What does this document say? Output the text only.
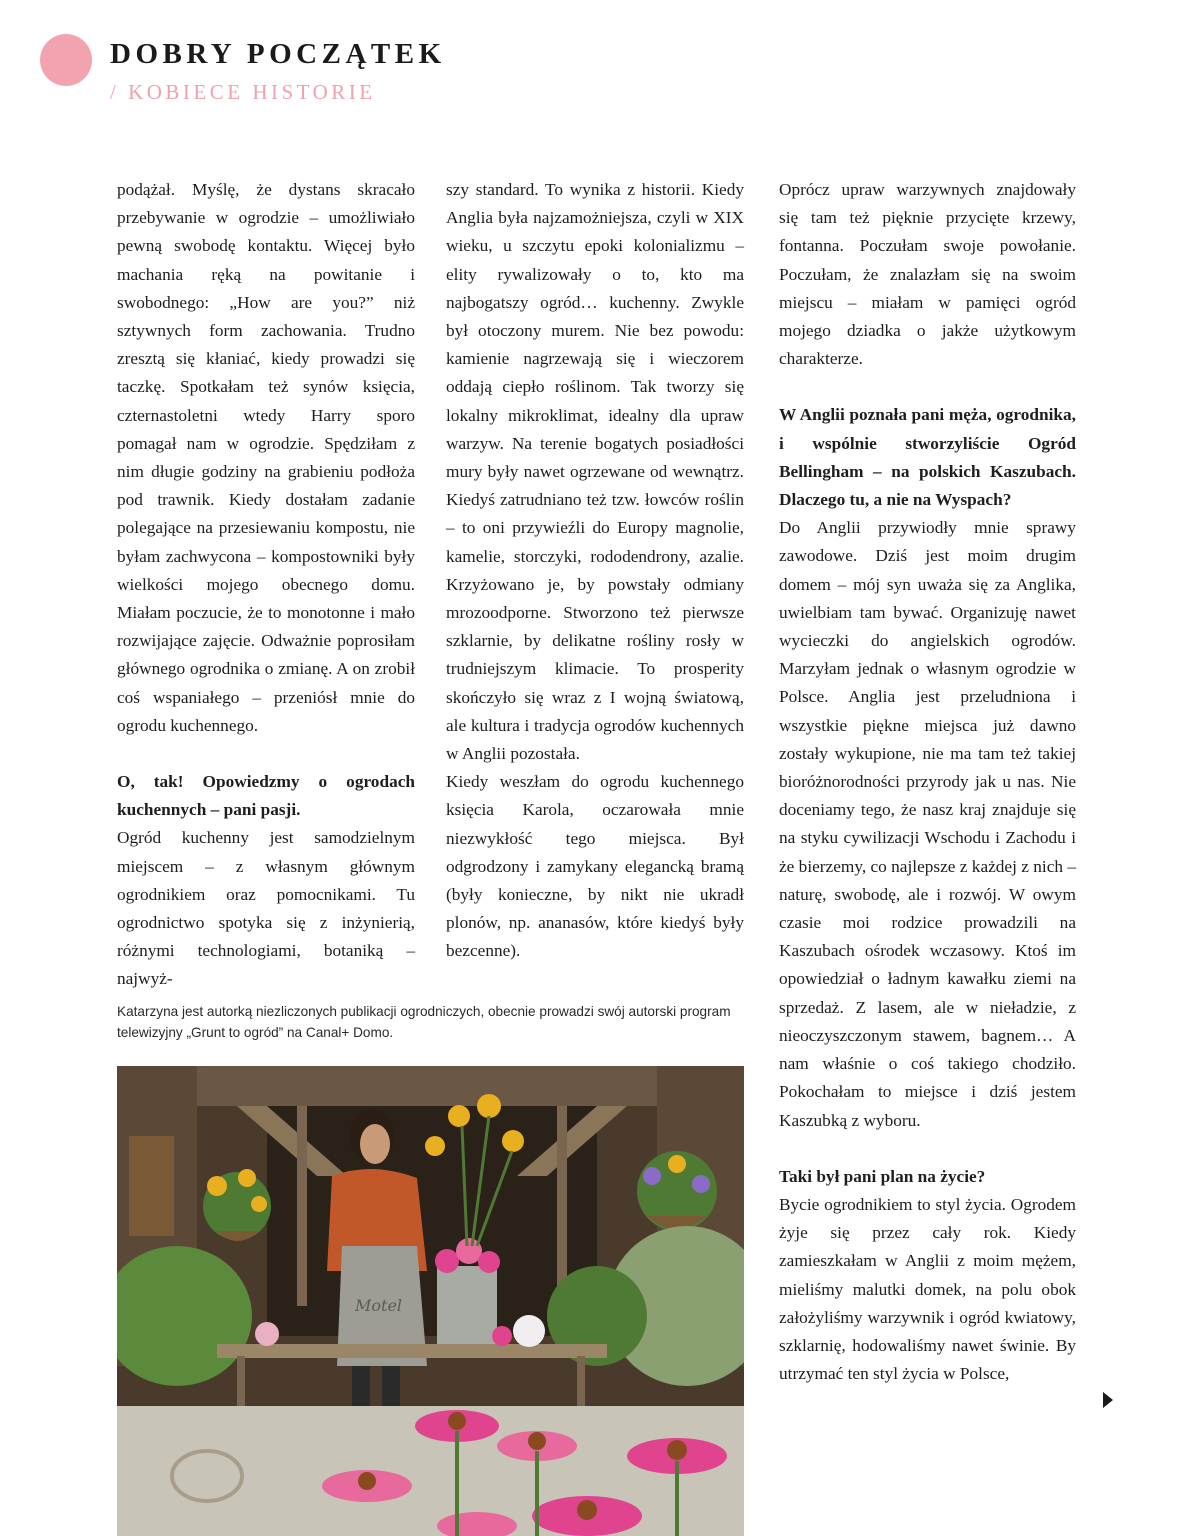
DOBRY POCZĄTEK
/ KOBIECE HISTORIE

podążał. Myślę, że dystans skracało przebywanie w ogrodzie – umożliwiało pewną swobodę kontaktu. Więcej było machania ręką na powitanie i swobodnego: „How are you?” niż sztywnych form zachowania. Trudno zresztą się kłaniać, kiedy prowadzi się taczkę. Spotkałam też synów księcia, czternastoletni wtedy Harry sporo pomagał nam w ogrodzie. Spędziłam z nim długie godziny na grabieniu podłoża pod trawnik. Kiedy dostałam zadanie polegające na przesiewaniu kompostu, nie byłam zachwycona – kompostowniki były wielkości mojego obecnego domu. Miałam poczucie, że to monotonne i mało rozwijające zajęcie. Odważnie poprosiłam głównego ogrodnika o zmianę. A on zrobił coś wspaniałego – przeniósł mnie do ogrodu kuchennego.

O, tak! Opowiedzmy o ogrodach kuchennych – pani pasji.

Ogród kuchenny jest samodzielnym miejscem – z własnym głównym ogrodnikiem oraz pomocnikami. Tu ogrodnictwo spotyka się z inżynierią, różnymi technologiami, botaniką – najwyż-

szy standard. To wynika z historii. Kiedy Anglia była najzamożniejsza, czyli w XIX wieku, u szczytu epoki kolonializmu – elity rywalizowały o to, kto ma najbogatszy ogród… kuchenny. Zwykle był otoczony murem. Nie bez powodu: kamienie nagrzewają się i wieczorem oddają ciepło roślinom. Tak tworzy się lokalny mikroklimat, idealny dla upraw warzyw. Na terenie bogatych posiadłości mury były nawet ogrzewane od wewnątrz. Kiedyś zatrudniano też tzw. łowców roślin – to oni przywieźli do Europy magnolie, kamelie, storczyki, rododendrony, azalie. Krzyżowano je, by powstały odmiany mrozoodporne. Stworzono też pierwsze szklarnie, by delikatne rośliny rosły w trudniejszym klimacie. To prosperity skończyło się wraz z I wojną światową, ale kultura i tradycja ogrodów kuchennych w Anglii pozostała.

Kiedy weszłam do ogrodu kuchennego księcia Karola, oczarowała mnie niezwykłość tego miejsca. Był odgrodzony i zamykany elegancką bramą (były konieczne, by nikt nie ukradł plonów, np. ananasów, które kiedyś były bezcenne).

Oprócz upraw warzywnych znajdowały się tam też pięknie przycięte krzewy, fontanna. Poczułam swoje powołanie. Poczułam, że znalazłam się na swoim miejscu – miałam w pamięci ogród mojego dziadka o jakże użytkowym charakterze.

W Anglii poznała pani męża, ogrodnika, i wspólnie stworzyliście Ogród Bellingham – na polskich Kaszubach. Dlaczego tu, a nie na Wyspach?

Do Anglii przywiodły mnie sprawy zawodowe. Dziś jest moim drugim domem – mój syn uważa się za Anglika, uwielbiam tam bywać. Organizuję nawet wycieczki do angielskich ogrodów. Marzyłam jednak o własnym ogrodzie w Polsce. Anglia jest przeludniona i wszystkie piękne miejsca już dawno zostały wykupione, nie ma tam też takiej bioróżnorodności przyrody jak u nas. Nie doceniamy tego, że nasz kraj znajduje się na styku cywilizacji Wschodu i Zachodu i że bierzemy, co najlepsze z każdej z nich – naturę, swobodę, ale i rozwój. W owym czasie moi rodzice prowadzili na Kaszubach ośrodek wczasowy. Ktoś im opowiedział o ładnym kawałku ziemi na sprzedaż. Z lasem, ale w nieładzie, z nieoczyszczonym stawem, bagnem… A nam właśnie o coś takiego chodziło. Pokochałam to miejsce i dziś jestem Kaszubką z wyboru.

Taki był pani plan na życie?

Bycie ogrodnikiem to styl życia. Ogrodem żyje się przez cały rok. Kiedy zamieszkałam w Anglii z moim mężem, mieliśmy malutki domek, na polu obok założyliśmy warzywnik i ogród kwiatowy, szklarnię, hodowaliśmy nawet świnie. By utrzymać ten styl życia w Polsce,

Katarzyna jest autorką niezliczonych publikacji ogrodniczych, obecnie prowadzi swój autorski program telewizyjny „Grunt to ogród” na Canal+ Domo.
Motel
